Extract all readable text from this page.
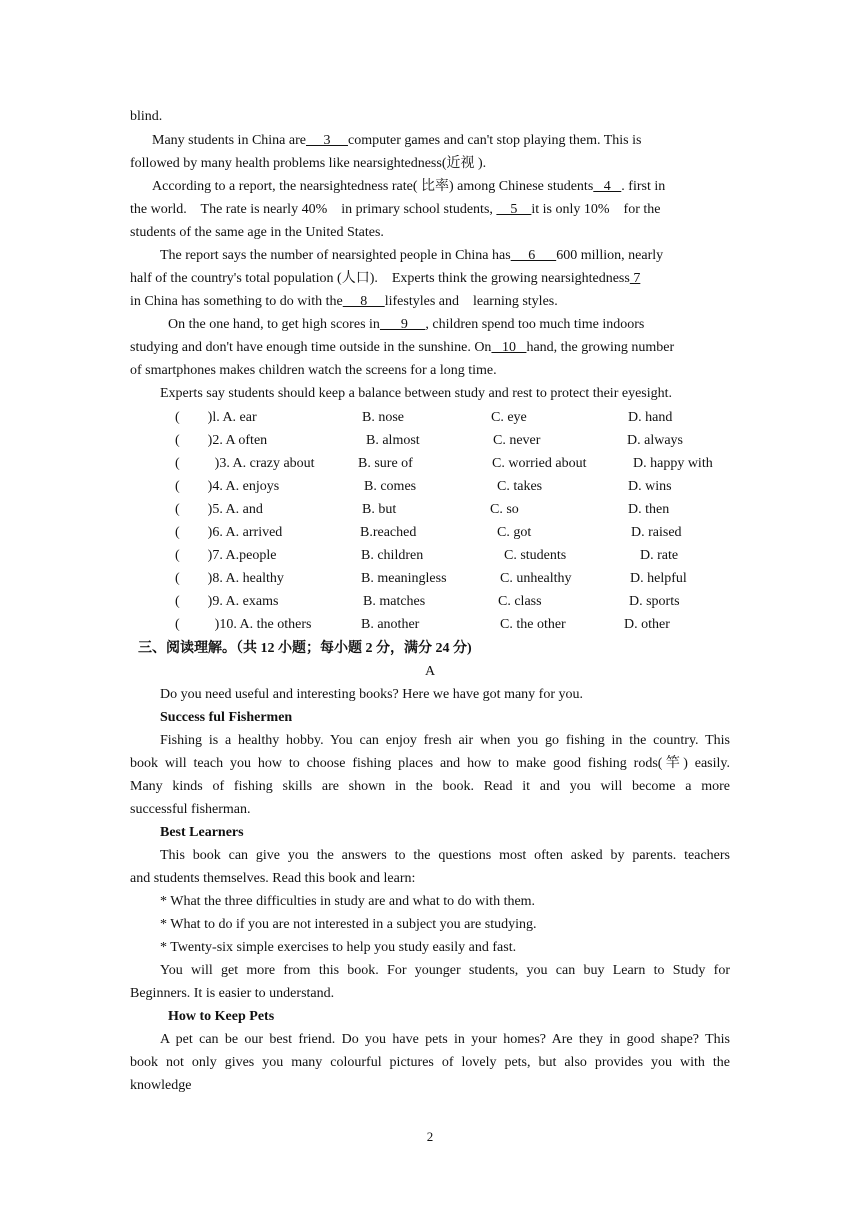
blind.
Many students in China are     3     computer games and can't stop playing them. This is
followed by many health problems like nearsightedness(近视 ).
According to a report, the nearsightedness rate( 比率) among Chinese students   4   . first in
the world.    The rate is nearly 40%    in primary school students,     5    it is only 10%    for the
students of the same age in the United States.
The report says the number of nearsighted people in China has     6      600 million, nearly
half of the country's total population (人口).    Experts think the growing nearsightedness 7
in China has something to do with the     8     lifestyles and    learning styles.
On the one hand, to get high scores in      9     , children spend too much time indoors
studying and don't have enough time outside in the sunshine. On   10   hand, the growing number
of smartphones makes children watch the screens for a long time.
Experts say students should keep a balance between study and rest to protect their eyesight.
(        )l. A. ear	B. nose	C. eye	D. hand
(        )2. A often	B. almost	C. never	D. always
(          )3. A. crazy about	B. sure of	C. worried about	D. happy with
(        )4. A. enjoys	B. comes	C. takes	D. wins
(        )5. A. and	B. but	C. so	D. then
(        )6. A. arrived	B.reached	C. got	D. raised
(        )7. A.people	B. children	C. students	D. rate
(        )8. A. healthy	B. meaningless	C. unhealthy	D. helpful
(        )9. A. exams	B. matches	C. class	D. sports
(          )10. A. the others	B. another	C. the other	D. other
三、阅读理解。（共 12 小题；每小题 2 分，满分 24 分)
A
Do you need useful and interesting books? Here we have got many for you.
Success ful Fishermen
Fishing is a healthy hobby. You can enjoy fresh air when you go fishing in the country. This
book will teach you how to choose fishing places and how to make good fishing rods(竿) easily.
Many kinds of fishing skills are shown in the book. Read it and you will become a more
successful fisherman.
Best Learners
This book can give you the answers to the questions most often asked by parents. teachers
and students themselves. Read this book and learn:
* What the three difficulties in study are and what to do with them.
* What to do if you are not interested in a subject you are studying.
* Twenty-six simple exercises to help you study easily and fast.
You will get more from this book. For younger students, you can buy Learn to Study for
Beginners. It is easier to understand.
How to Keep Pets
A pet can be our best friend. Do you have pets in your homes? Are they in good shape? This
book not only gives you many colourful pictures of lovely pets, but also provides you with the
knowledge
2
